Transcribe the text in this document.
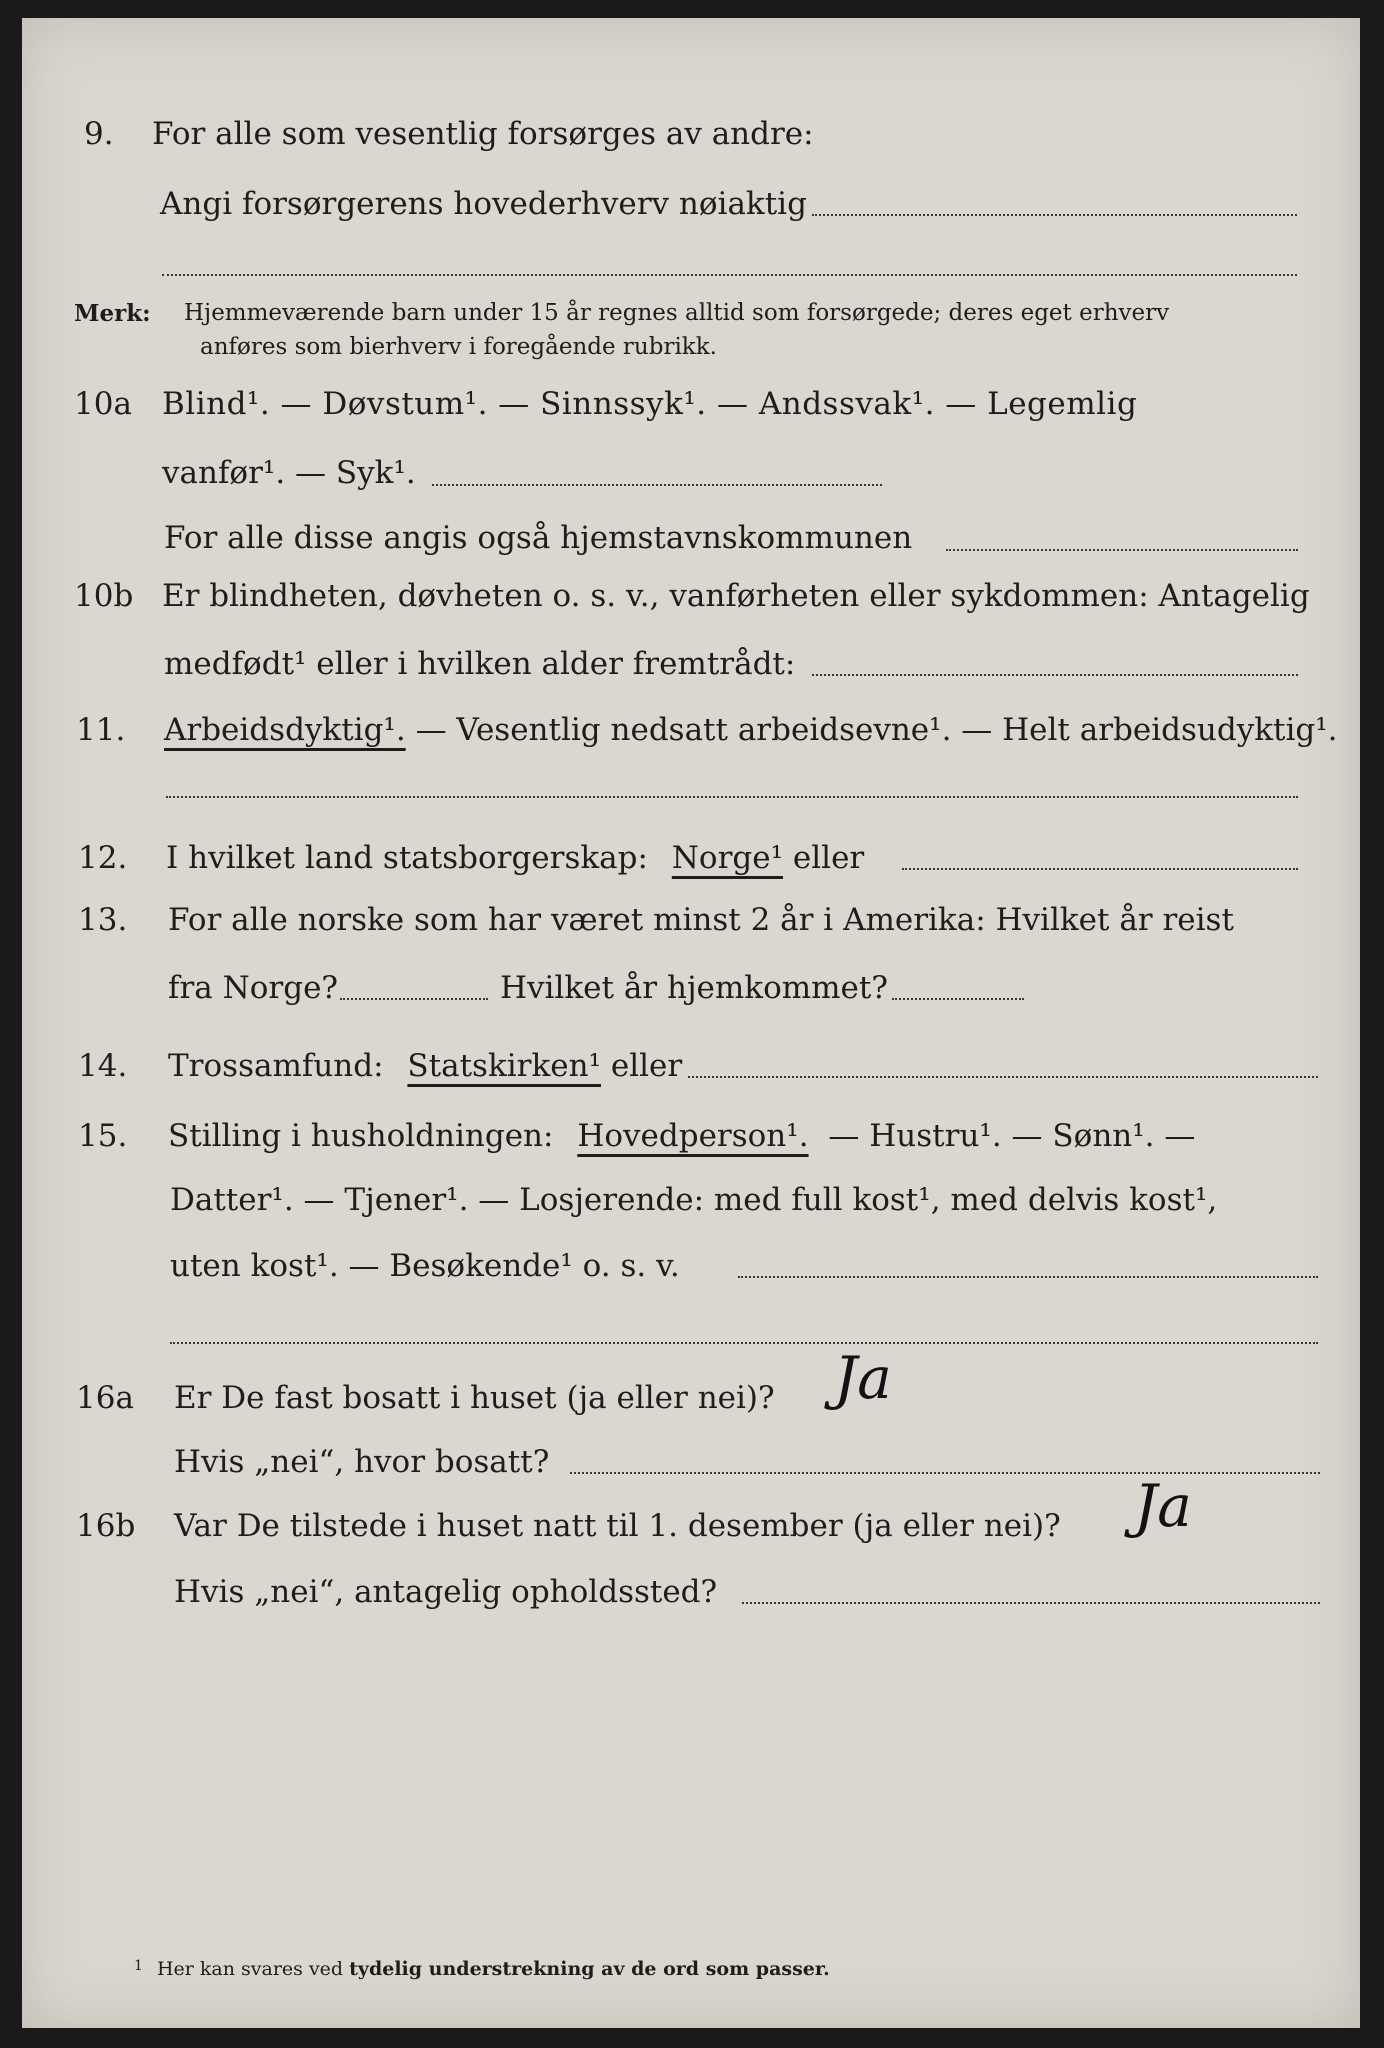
9. For alle som vesentlig forsørges av andre:
Angi forsørgerens hovederhverv nøiaktig
Merk: Hjemmeværende barn under 15 år regnes alltid som forsørgede; deres eget erhverv
anføres som bierhverv i foregående rubrikk.
10a Blind¹. — Døvstum¹. — Sinnssyk¹. — Andssvak¹. — Legemlig
vanfør¹. — Syk¹.
For alle disse angis også hjemstavnskommunen
10b Er blindheten, døvheten o. s. v., vanførheten eller sykdommen: Antagelig
medfødt¹ eller i hvilken alder fremtrådt:
11. Arbeidsdyktig¹. — Vesentlig nedsatt arbeidsevne¹. — Helt arbeidsudyktig¹.
12. I hvilket land statsborgerskap: Norge¹ eller
13. For alle norske som har været minst 2 år i Amerika: Hvilket år reist
fra Norge?	Hvilket år hjemkommet?
14. Trossamfund: Statskirken¹ eller
15. Stilling i husholdningen: Hovedperson¹. — Hustru¹. — Sønn¹. —
Datter¹. — Tjener¹. — Losjerende: med full kost¹, med delvis kost¹,
uten kost¹. — Besøkende¹ o. s. v.
16a Er De fast bosatt i huset (ja eller nei)? Ja
Hvis „nei“, hvor bosatt?
16b Var De tilstede i huset natt til 1. desember (ja eller nei)? Ja
Hvis „nei“, antagelig opholdssted?
$^1$ Her kan svares ved tydelig understrekning av de ord som passer.
